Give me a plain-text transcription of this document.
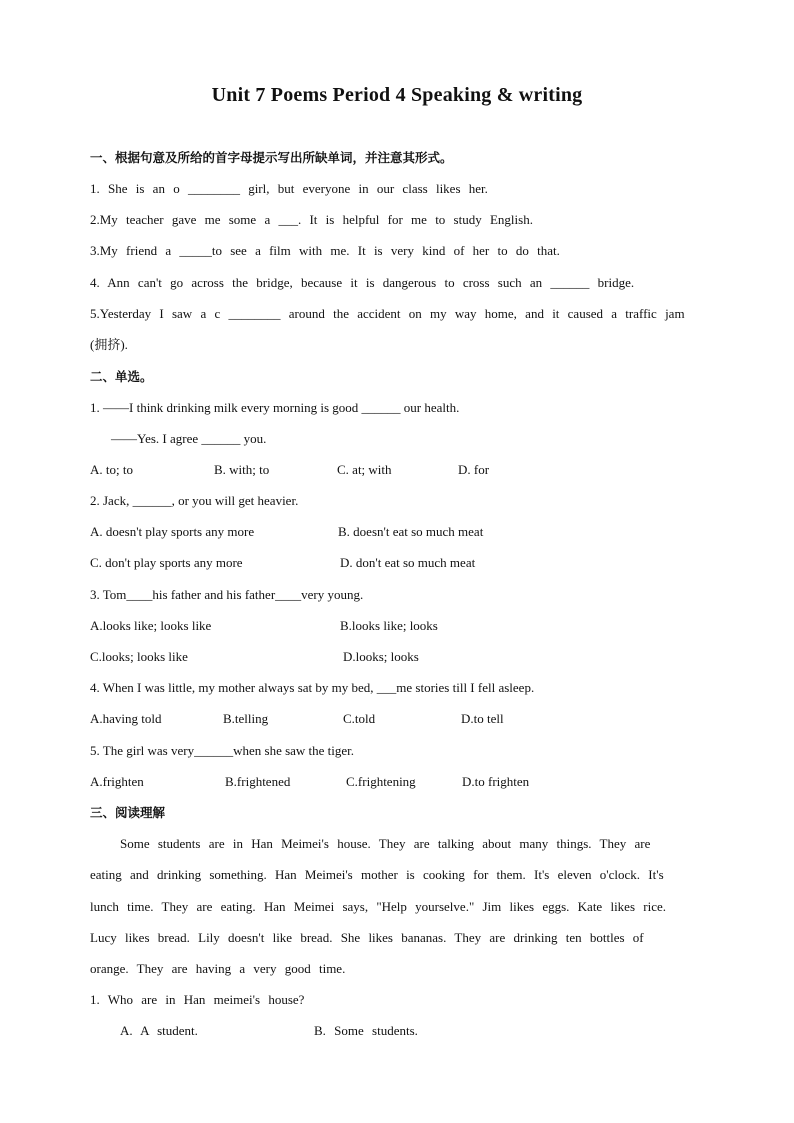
Unit 7 Poems Period 4 Speaking & writing
一、根据句意及所给的首字母提示写出所缺单词，并注意其形式。
1. She is an o ________ girl, but everyone in our class likes her.
2.My teacher gave me some a ___. It is helpful for me to study English.
3.My friend a _____to see a film with me. It is very kind of her to do that.
4. Ann can't go across the bridge, because it is dangerous to cross such an ______ bridge.
5.Yesterday I saw a c ________ around the accident on my way home, and it caused a traffic jam
(拥挤).
二、单选。
1. ——I think drinking milk every morning is good ______ our health.
——Yes. I agree ______ you.
A. to; to	B. with; to	C. at; with	D. for
2. Jack, ______, or you will get heavier.
A. doesn't play sports any more	B. doesn't eat so much meat
C. don't play sports any more	D. don't eat so much meat
3. Tom____his father and his father____very young.
A.looks like; looks like	B.looks like; looks
C.looks; looks like	D.looks; looks
4. When I was little, my mother always sat by my bed, ___me stories till I fell asleep.
A.having told	B.telling	C.told	D.to tell
5. The girl was very______when she saw the tiger.
A.frighten	B.frightened	C.frightening	D.to frighten
三、阅读理解
Some students are in Han Meimei's house. They are talking about many things. They are
eating and drinking something. Han Meimei's mother is cooking for them. It's eleven o'clock. It's
lunch time. They are eating. Han Meimei says, "Help yourselve." Jim likes eggs. Kate likes rice.
Lucy likes bread. Lily doesn't like bread. She likes bananas. They are drinking ten bottles of
orange. They are having a very good time.
1. Who are in Han meimei's house?
A. A student.	B. Some students.
